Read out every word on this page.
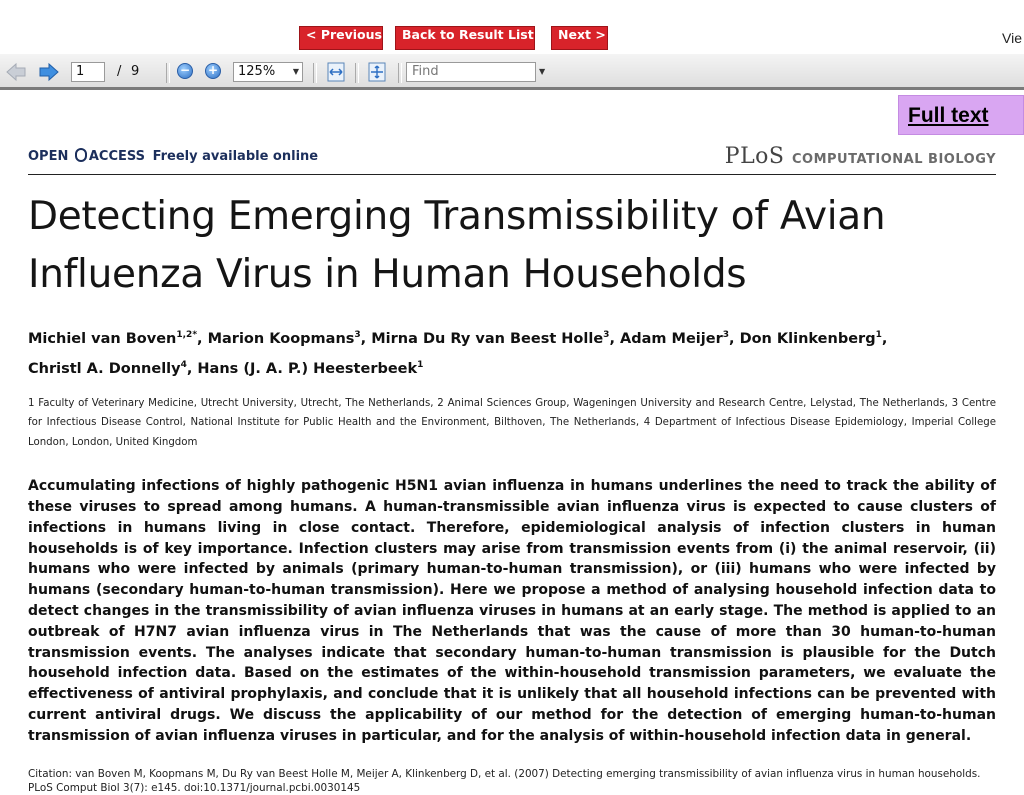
< Previous	Back to Result List	Next >	Vie
1	/ 9	− +	125% ▼	Find	▼
Full text
OPEN ACCESS Freely available online	PLoS COMPUTATIONAL BIOLOGY
Detecting Emerging Transmissibility of Avian Influenza Virus in Human Households
Michiel van Boven$^{1,2*}$, Marion Koopmans$^3$, Mirna Du Ry van Beest Holle$^3$, Adam Meijer$^3$, Don Klinkenberg$^1$,
Christl A. Donnelly$^4$, Hans (J. A. P.) Heesterbeek$^1$
1 Faculty of Veterinary Medicine, Utrecht University, Utrecht, The Netherlands, 2 Animal Sciences Group, Wageningen University and Research Centre, Lelystad, The Netherlands, 3 Centre for Infectious Disease Control, National Institute for Public Health and the Environment, Bilthoven, The Netherlands, 4 Department of Infectious Disease Epidemiology, Imperial College London, London, United Kingdom
Accumulating infections of highly pathogenic H5N1 avian influenza in humans underlines the need to track the ability of these viruses to spread among humans. A human-transmissible avian influenza virus is expected to cause clusters of infections in humans living in close contact. Therefore, epidemiological analysis of infection clusters in human households is of key importance. Infection clusters may arise from transmission events from (i) the animal reservoir, (ii) humans who were infected by animals (primary human-to-human transmission), or (iii) humans who were infected by humans (secondary human-to-human transmission). Here we propose a method of analysing household infection data to detect changes in the transmissibility of avian influenza viruses in humans at an early stage. The method is applied to an outbreak of H7N7 avian influenza virus in The Netherlands that was the cause of more than 30 human-to-human transmission events. The analyses indicate that secondary human-to-human transmission is plausible for the Dutch household infection data. Based on the estimates of the within-household transmission parameters, we evaluate the effectiveness of antiviral prophylaxis, and conclude that it is unlikely that all household infections can be prevented with current antiviral drugs. We discuss the applicability of our method for the detection of emerging human-to-human transmission of avian influenza viruses in particular, and for the analysis of within-household infection data in general.
Citation: van Boven M, Koopmans M, Du Ry van Beest Holle M, Meijer A, Klinkenberg D, et al. (2007) Detecting emerging transmissibility of avian influenza virus in human households. PLoS Comput Biol 3(7): e145. doi:10.1371/journal.pcbi.0030145
